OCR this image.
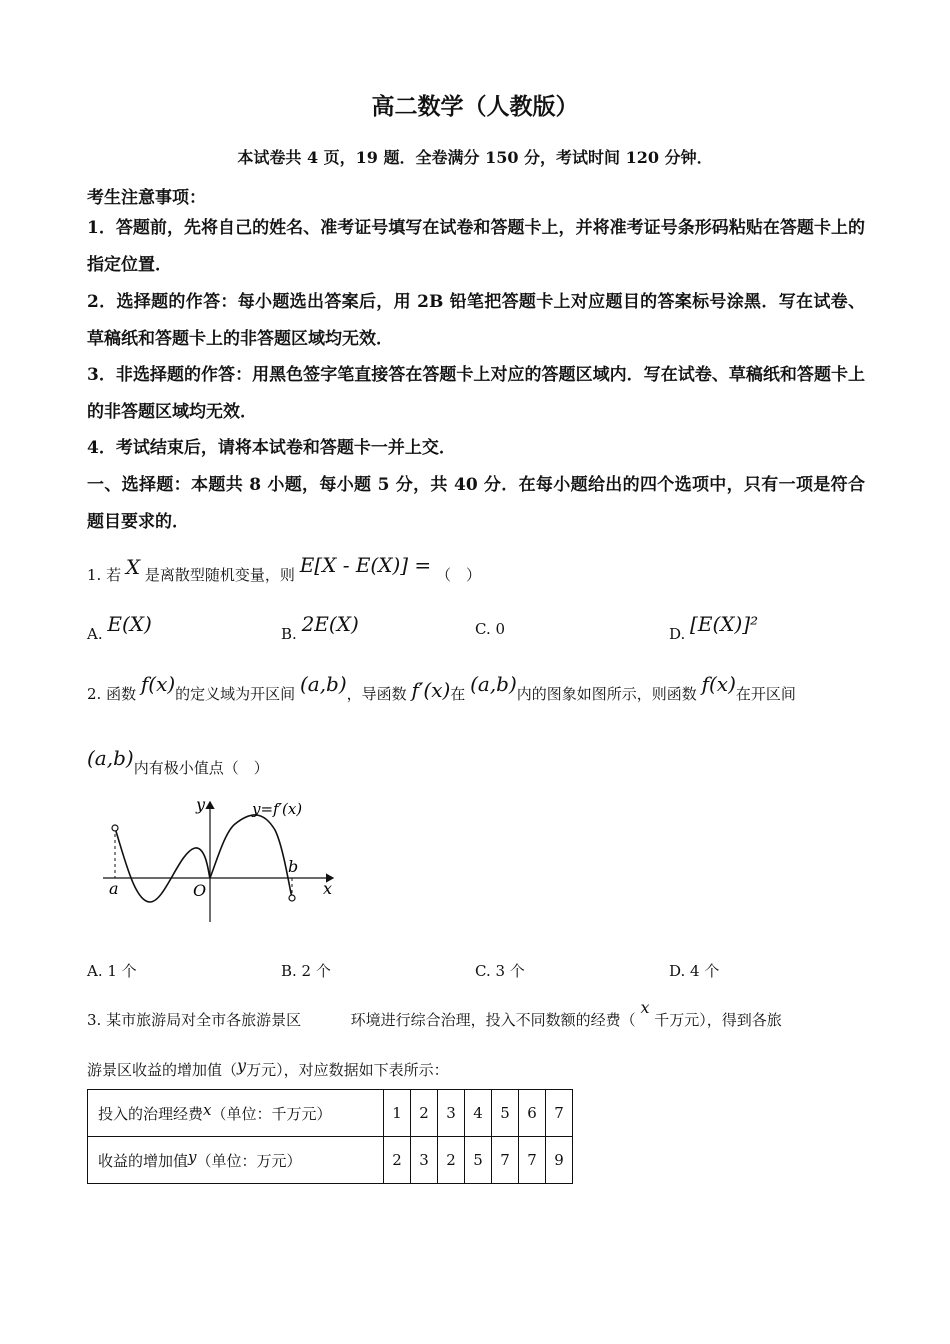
高二数学（人教版）
本试卷共 4 页，19 题．全卷满分 150 分，考试时间 120 分钟．
考生注意事项：
1．答题前，先将自己的姓名、准考证号填写在试卷和答题卡上，并将准考证号条形码粘贴在答题卡上的指定位置．
2．选择题的作答：每小题选出答案后，用 2B 铅笔把答题卡上对应题目的答案标号涂黑．写在试卷、草稿纸和答题卡上的非答题区域均无效．
3．非选择题的作答：用黑色签字笔直接答在答题卡上对应的答题区域内．写在试卷、草稿纸和答题卡上的非答题区域均无效．
4．考试结束后，请将本试卷和答题卡一并上交．
一、选择题：本题共 8 小题，每小题 5 分，共 40 分．在每小题给出的四个选项中，只有一项是符合题目要求的．
1. 若 X 是离散型随机变量，则 E[X - E(X)] = （　）
A. E(X)	B. 2E(X)	C. 0	D. [E(X)]²
2. 函数 f(x)的定义域为开区间 (a,b)，导函数 f′(x)在 (a,b)内的图象如图所示，则函数 f(x)在开区间
(a,b)内有极小值点（　）
y	y=f′(x)
x
a
b
O
A. 1 个	B. 2 个	C. 3 个	D. 4 个
3. 某市旅游局对全市各旅游景区	环境进行综合治理，投入不同数额的经费（ x 千万元），得到各旅
游景区收益的增加值（y万元），对应数据如下表所示：
投入的治理经费x（单位：千万元）	1	2	3	4	5	6	7
收益的增加值y（单位：万元）	2	3	2	5	7	7	9
